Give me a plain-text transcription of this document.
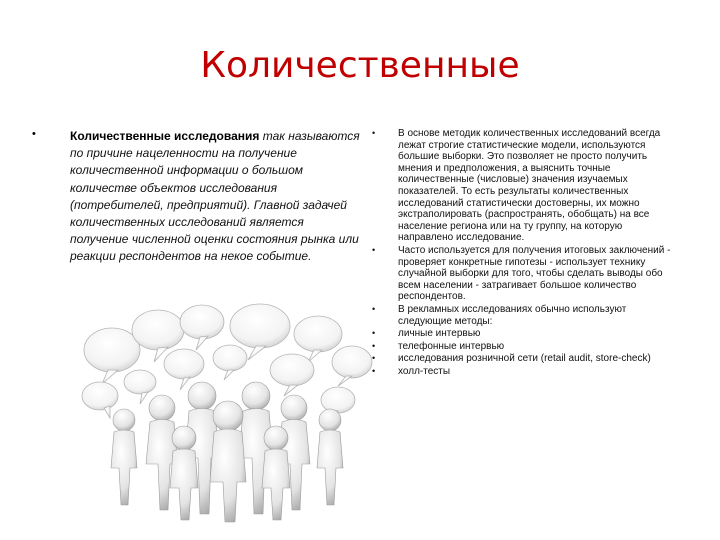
Количественные
•	Количественные исследования так называются по причине нацеленности на получение количественной информации о большом количестве объектов исследования (потребителей, предприятий). Главной задачей количественных исследований является получение численной оценки состояния рынка или реакции респондентов на некое событие.
• В основе методик количественных исследований всегда лежат строгие статистические модели, используются большие выборки. Это позволяет не просто получить мнения и предположения, а выяснить точные количественные (числовые) значения изучаемых показателей. То есть результаты количественных исследований статистически достоверны, их можно экстраполировать (распространять, обобщать) на все население региона или на ту группу, на которую направлено исследование.
• Часто используется для получения итоговых заключений - проверяет конкретные гипотезы - использует технику случайной выборки для того, чтобы сделать выводы обо всем населении - затрагивает большое количество респондентов.
• В рекламных исследованиях обычно используют следующие методы:
• личные интервью
• телефонные интервью
• исследования розничной сети (retail audit, store-check)
• холл-тесты
